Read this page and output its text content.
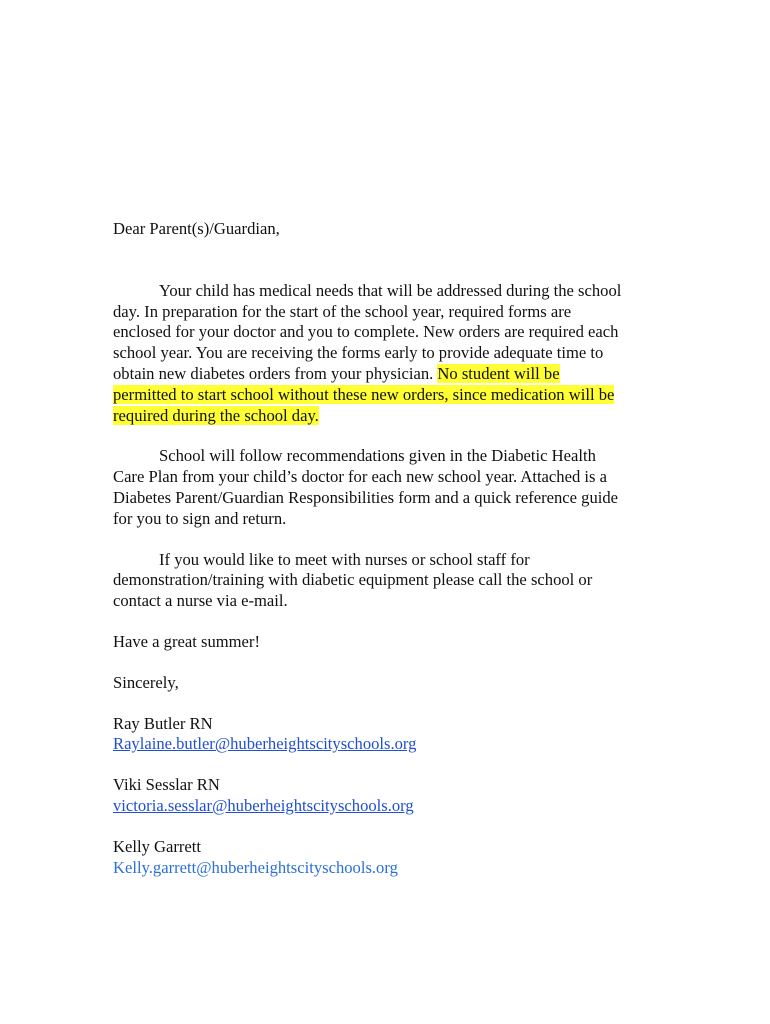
Dear Parent(s)/Guardian,
Your child has medical needs that will be addressed during the school
day. In preparation for the start of the school year, required forms are
enclosed for your doctor and you to complete. New orders are required each
school year. You are receiving the forms early to provide adequate time to
obtain new diabetes orders from your physician. No student will be
permitted to start school without these new orders, since medication will be
required during the school day.
School will follow recommendations given in the Diabetic Health
Care Plan from your child’s doctor for each new school year. Attached is a
Diabetes Parent/Guardian Responsibilities form and a quick reference guide
for you to sign and return.
If you would like to meet with nurses or school staff for
demonstration/training with diabetic equipment please call the school or
contact a nurse via e-mail.
Have a great summer!
Sincerely,
Ray Butler RN
Raylaine.butler@huberheightscityschools.org
Viki Sesslar RN
victoria.sesslar@huberheightscityschools.org
Kelly Garrett
Kelly.garrett@huberheightscityschools.org
